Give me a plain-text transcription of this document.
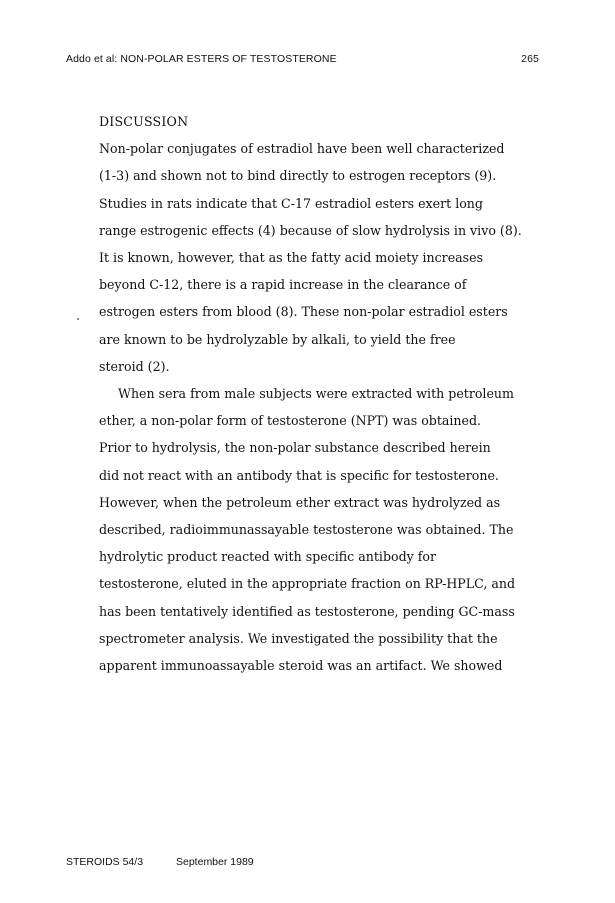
Addo et al: NON-POLAR ESTERS OF TESTOSTERONE	265
DISCUSSION
Non-polar conjugates of estradiol have been well characterized
(1-3) and shown not to bind directly to estrogen receptors (9).
Studies in rats indicate that C-17 estradiol esters exert long
range estrogenic effects (4) because of slow hydrolysis in vivo (8).
It is known, however, that as the fatty acid moiety increases
beyond C-12, there is a rapid increase in the clearance of
estrogen esters from blood (8). These non-polar estradiol esters
are known to be hydrolyzable by alkali, to yield the free
steroid (2).
When sera from male subjects were extracted with petroleum
ether, a non-polar form of testosterone (NPT) was obtained.
Prior to hydrolysis, the non-polar substance described herein
did not react with an antibody that is specific for testosterone.
However, when the petroleum ether extract was hydrolyzed as
described, radioimmunassayable testosterone was obtained. The
hydrolytic product reacted with specific antibody for
testosterone, eluted in the appropriate fraction on RP-HPLC, and
has been tentatively identified as testosterone, pending GC-mass
spectrometer analysis. We investigated the possibility that the
apparent immunoassayable steroid was an artifact. We showed
STEROIDS 54/3	September 1989
